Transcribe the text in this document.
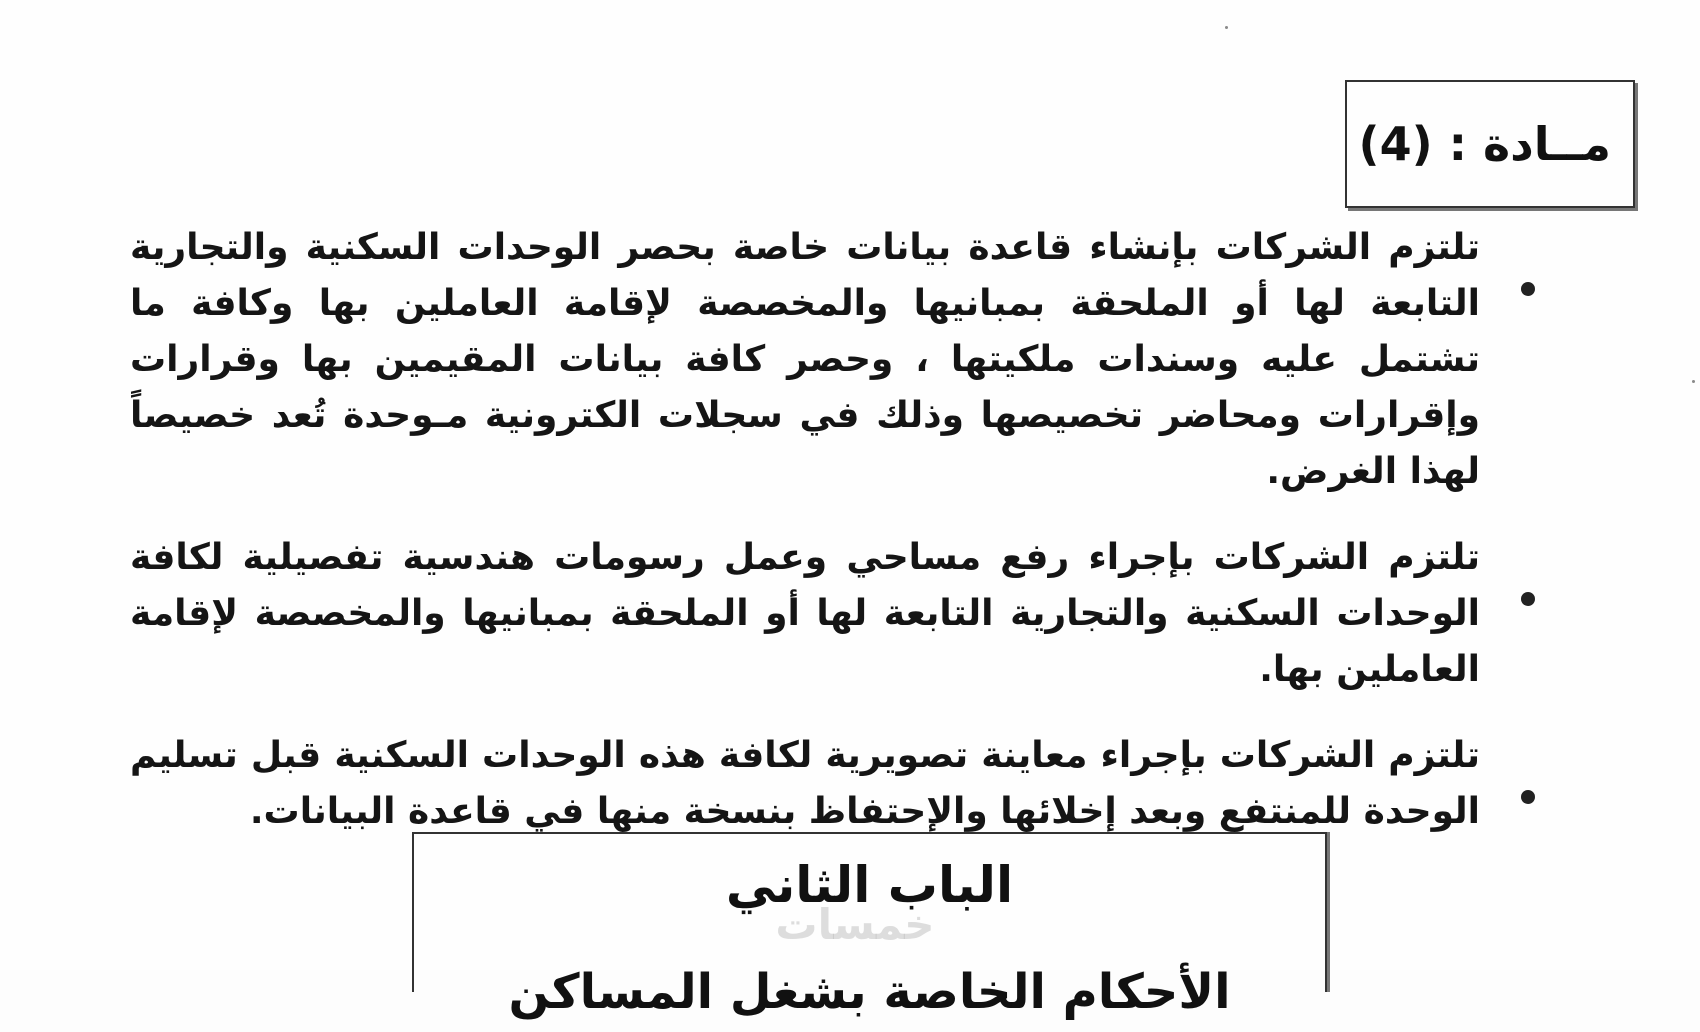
مــادة : (4)
تلتزم الشركات بإنشاء قاعدة بيانات خاصة بحصر الوحدات السكنية والتجارية التابعة لها أو الملحقة بمبانيها والمخصصة لإقامة العاملين بها وكافة ما تشتمل عليه وسندات ملكيتها ، وحصر كافة بيانات المقيمين بها وقرارات وإقرارات ومحاضر تخصيصها وذلك في سجلات الكترونية مـوحدة تُعد خصيصاً لهذا الغرض.
تلتزم الشركات بإجراء رفع مساحي وعمل رسومات هندسية تفصيلية لكافة الوحدات السكنية والتجارية التابعة لها أو الملحقة بمبانيها والمخصصة لإقامة العاملين بها.
تلتزم الشركات بإجراء معاينة تصويرية لكافة هذه الوحدات السكنية قبل تسليم الوحدة للمنتفع وبعد إخلائها والإحتفاظ بنسخة منها في قاعدة البيانات.
الباب الثاني
الأحكام الخاصة بشغل المساكن
خمسات
